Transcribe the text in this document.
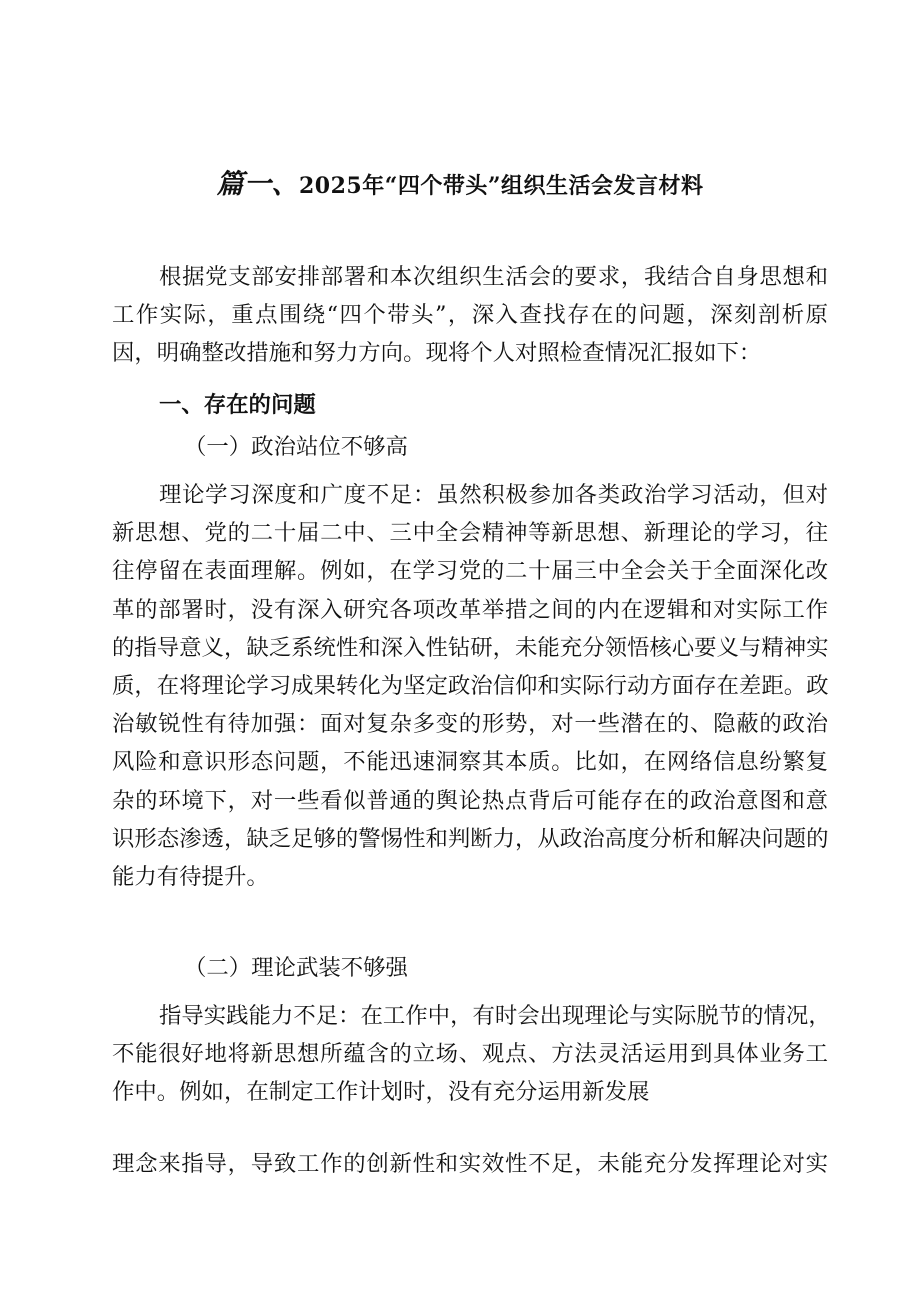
篇一、2025年“四个带头”组织生活会发言材料
根据党支部安排部署和本次组织生活会的要求，我结合自身思想和
工作实际，重点围绕“四个带头”，深入查找存在的问题，深刻剖析原
因，明确整改措施和努力方向。现将个人对照检查情况汇报如下：
一、存在的问题
（一）政治站位不够高
理论学习深度和广度不足：虽然积极参加各类政治学习活动，但对
新思想、党的二十届二中、三中全会精神等新思想、新理论的学习，往
往停留在表面理解。例如，在学习党的二十届三中全会关于全面深化改
革的部署时，没有深入研究各项改革举措之间的内在逻辑和对实际工作
的指导意义，缺乏系统性和深入性钻研，未能充分领悟核心要义与精神实
质，在将理论学习成果转化为坚定政治信仰和实际行动方面存在差距。政
治敏锐性有待加强：面对复杂多变的形势，对一些潜在的、隐蔽的政治
风险和意识形态问题，不能迅速洞察其本质。比如，在网络信息纷繁复
杂的环境下，对一些看似普通的舆论热点背后可能存在的政治意图和意
识形态渗透，缺乏足够的警惕性和判断力，从政治高度分析和解决问题的
能力有待提升。
（二）理论武装不够强
指导实践能力不足：在工作中，有时会出现理论与实际脱节的情况，
不能很好地将新思想所蕴含的立场、观点、方法灵活运用到具体业务工
作中。例如，在制定工作计划时，没有充分运用新发展
理念来指导，导致工作的创新性和实效性不足，未能充分发挥理论对实
